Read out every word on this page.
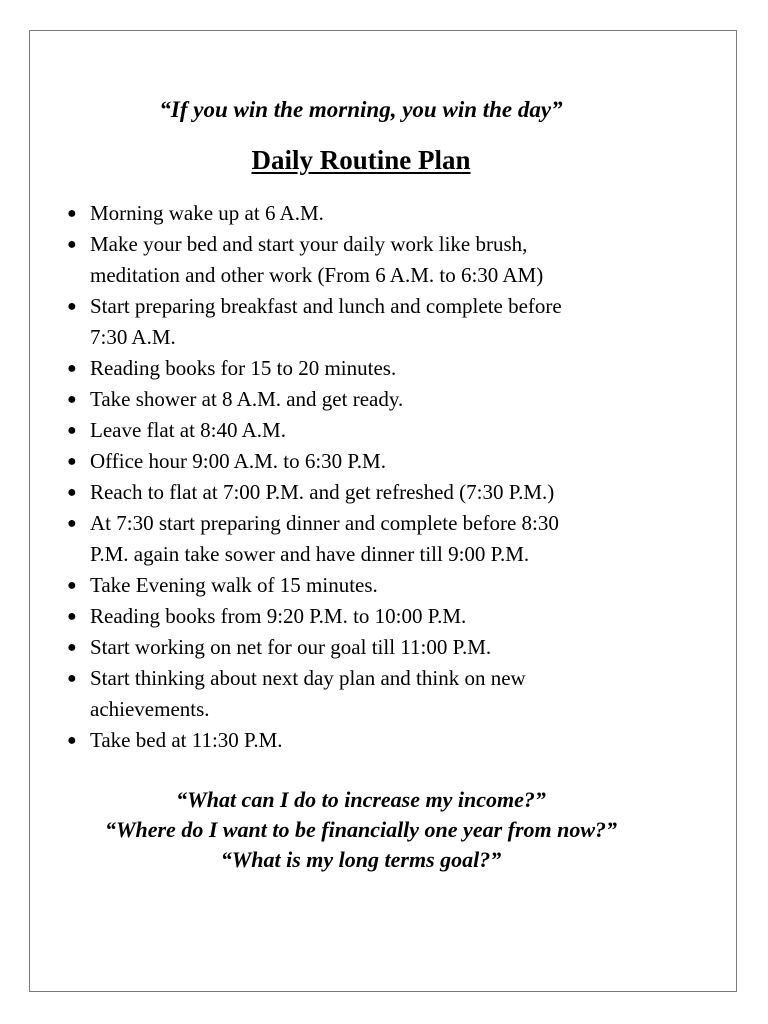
“If you win the morning, you win the day”

Daily Routine Plan
● Morning wake up at 6 A.M.
● Make your bed and start your daily work like brush,
meditation and other work (From 6 A.M. to 6:30 AM)
● Start preparing breakfast and lunch and complete before
7:30 A.M.
● Reading books for 15 to 20 minutes.
● Take shower at 8 A.M. and get ready.
● Leave flat at 8:40 A.M.
● Office hour 9:00 A.M. to 6:30 P.M.
● Reach to flat at 7:00 P.M. and get refreshed (7:30 P.M.)
● At 7:30 start preparing dinner and complete before 8:30
P.M. again take sower and have dinner till 9:00 P.M.
● Take Evening walk of 15 minutes.
● Reading books from 9:20 P.M. to 10:00 P.M.
● Start working on net for our goal till 11:00 P.M.
● Start thinking about next day plan and think on new
achievements.
● Take bed at 11:30 P.M.
“What can I do to increase my income?”
“Where do I want to be financially one year from now?”
“What is my long terms goal?”
